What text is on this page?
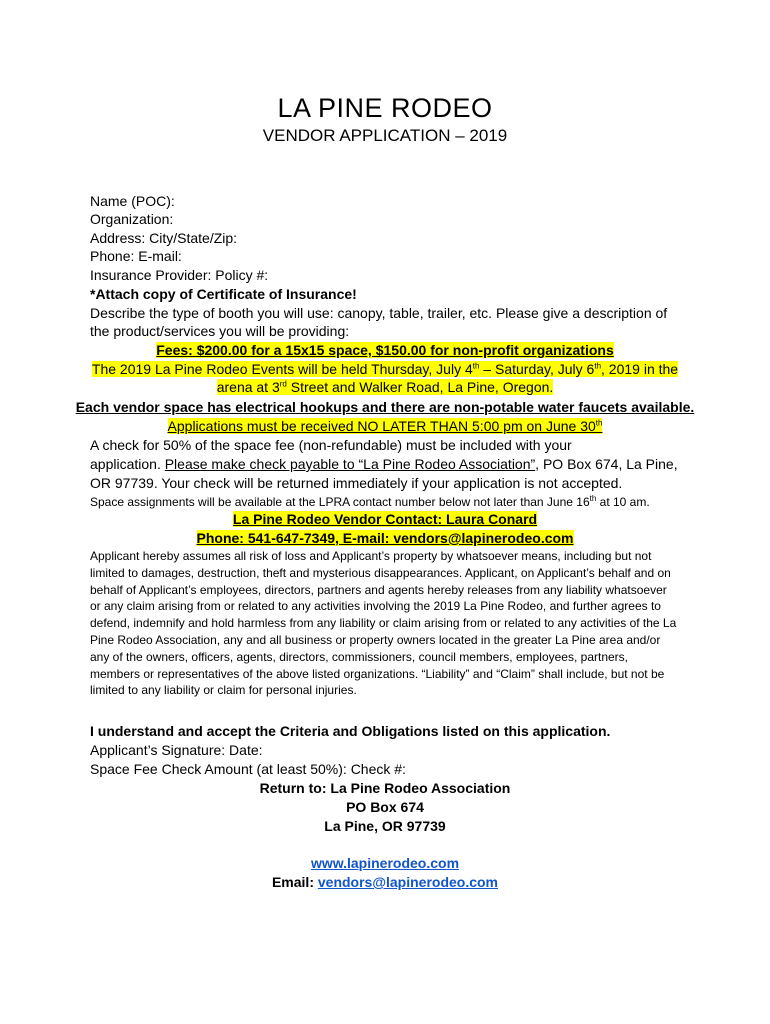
LA PINE RODEO
VENDOR APPLICATION – 2019
Name (POC):
Organization:
Address: City/State/Zip:
Phone: E-mail:
Insurance Provider: Policy #:
*Attach copy of Certificate of Insurance!
Describe the type of booth you will use: canopy, table, trailer, etc. Please give a description of
the product/services you will be providing:
Fees: $200.00 for a 15x15 space, $150.00 for non-profit organizations
The 2019 La Pine Rodeo Events will be held Thursday, July 4th – Saturday, July 6th, 2019 in the
arena at 3rd Street and Walker Road, La Pine, Oregon.
Each vendor space has electrical hookups and there are non-potable water faucets available.
Applications must be received NO LATER THAN 5:00 pm on June 30th
A check for 50% of the space fee (non-refundable) must be included with your
application. Please make check payable to “La Pine Rodeo Association”, PO Box 674, La Pine,
OR 97739. Your check will be returned immediately if your application is not accepted.
Space assignments will be available at the LPRA contact number below not later than June 16th at 10 am.
La Pine Rodeo Vendor Contact: Laura Conard
Phone: 541-647-7349, E-mail: vendors@lapinerodeo.com
Applicant hereby assumes all risk of loss and Applicant’s property by whatsoever means, including but not limited to damages, destruction, theft and mysterious disappearances. Applicant, on Applicant’s behalf and on behalf of Applicant’s employees, directors, partners and agents hereby releases from any liability whatsoever or any claim arising from or related to any activities involving the 2019 La Pine Rodeo, and further agrees to defend, indemnify and hold harmless from any liability or claim arising from or related to any activities of the La Pine Rodeo Association, any and all business or property owners located in the greater La Pine area and/or any of the owners, officers, agents, directors, commissioners, council members, employees, partners, members or representatives of the above listed organizations. “Liability” and “Claim” shall include, but not be limited to any liability or claim for personal injuries.
I understand and accept the Criteria and Obligations listed on this application.
Applicant’s Signature: Date:
Space Fee Check Amount (at least 50%): Check #:
Return to: La Pine Rodeo Association
PO Box 674
La Pine, OR 97739
www.lapinerodeo.com
Email: vendors@lapinerodeo.com
